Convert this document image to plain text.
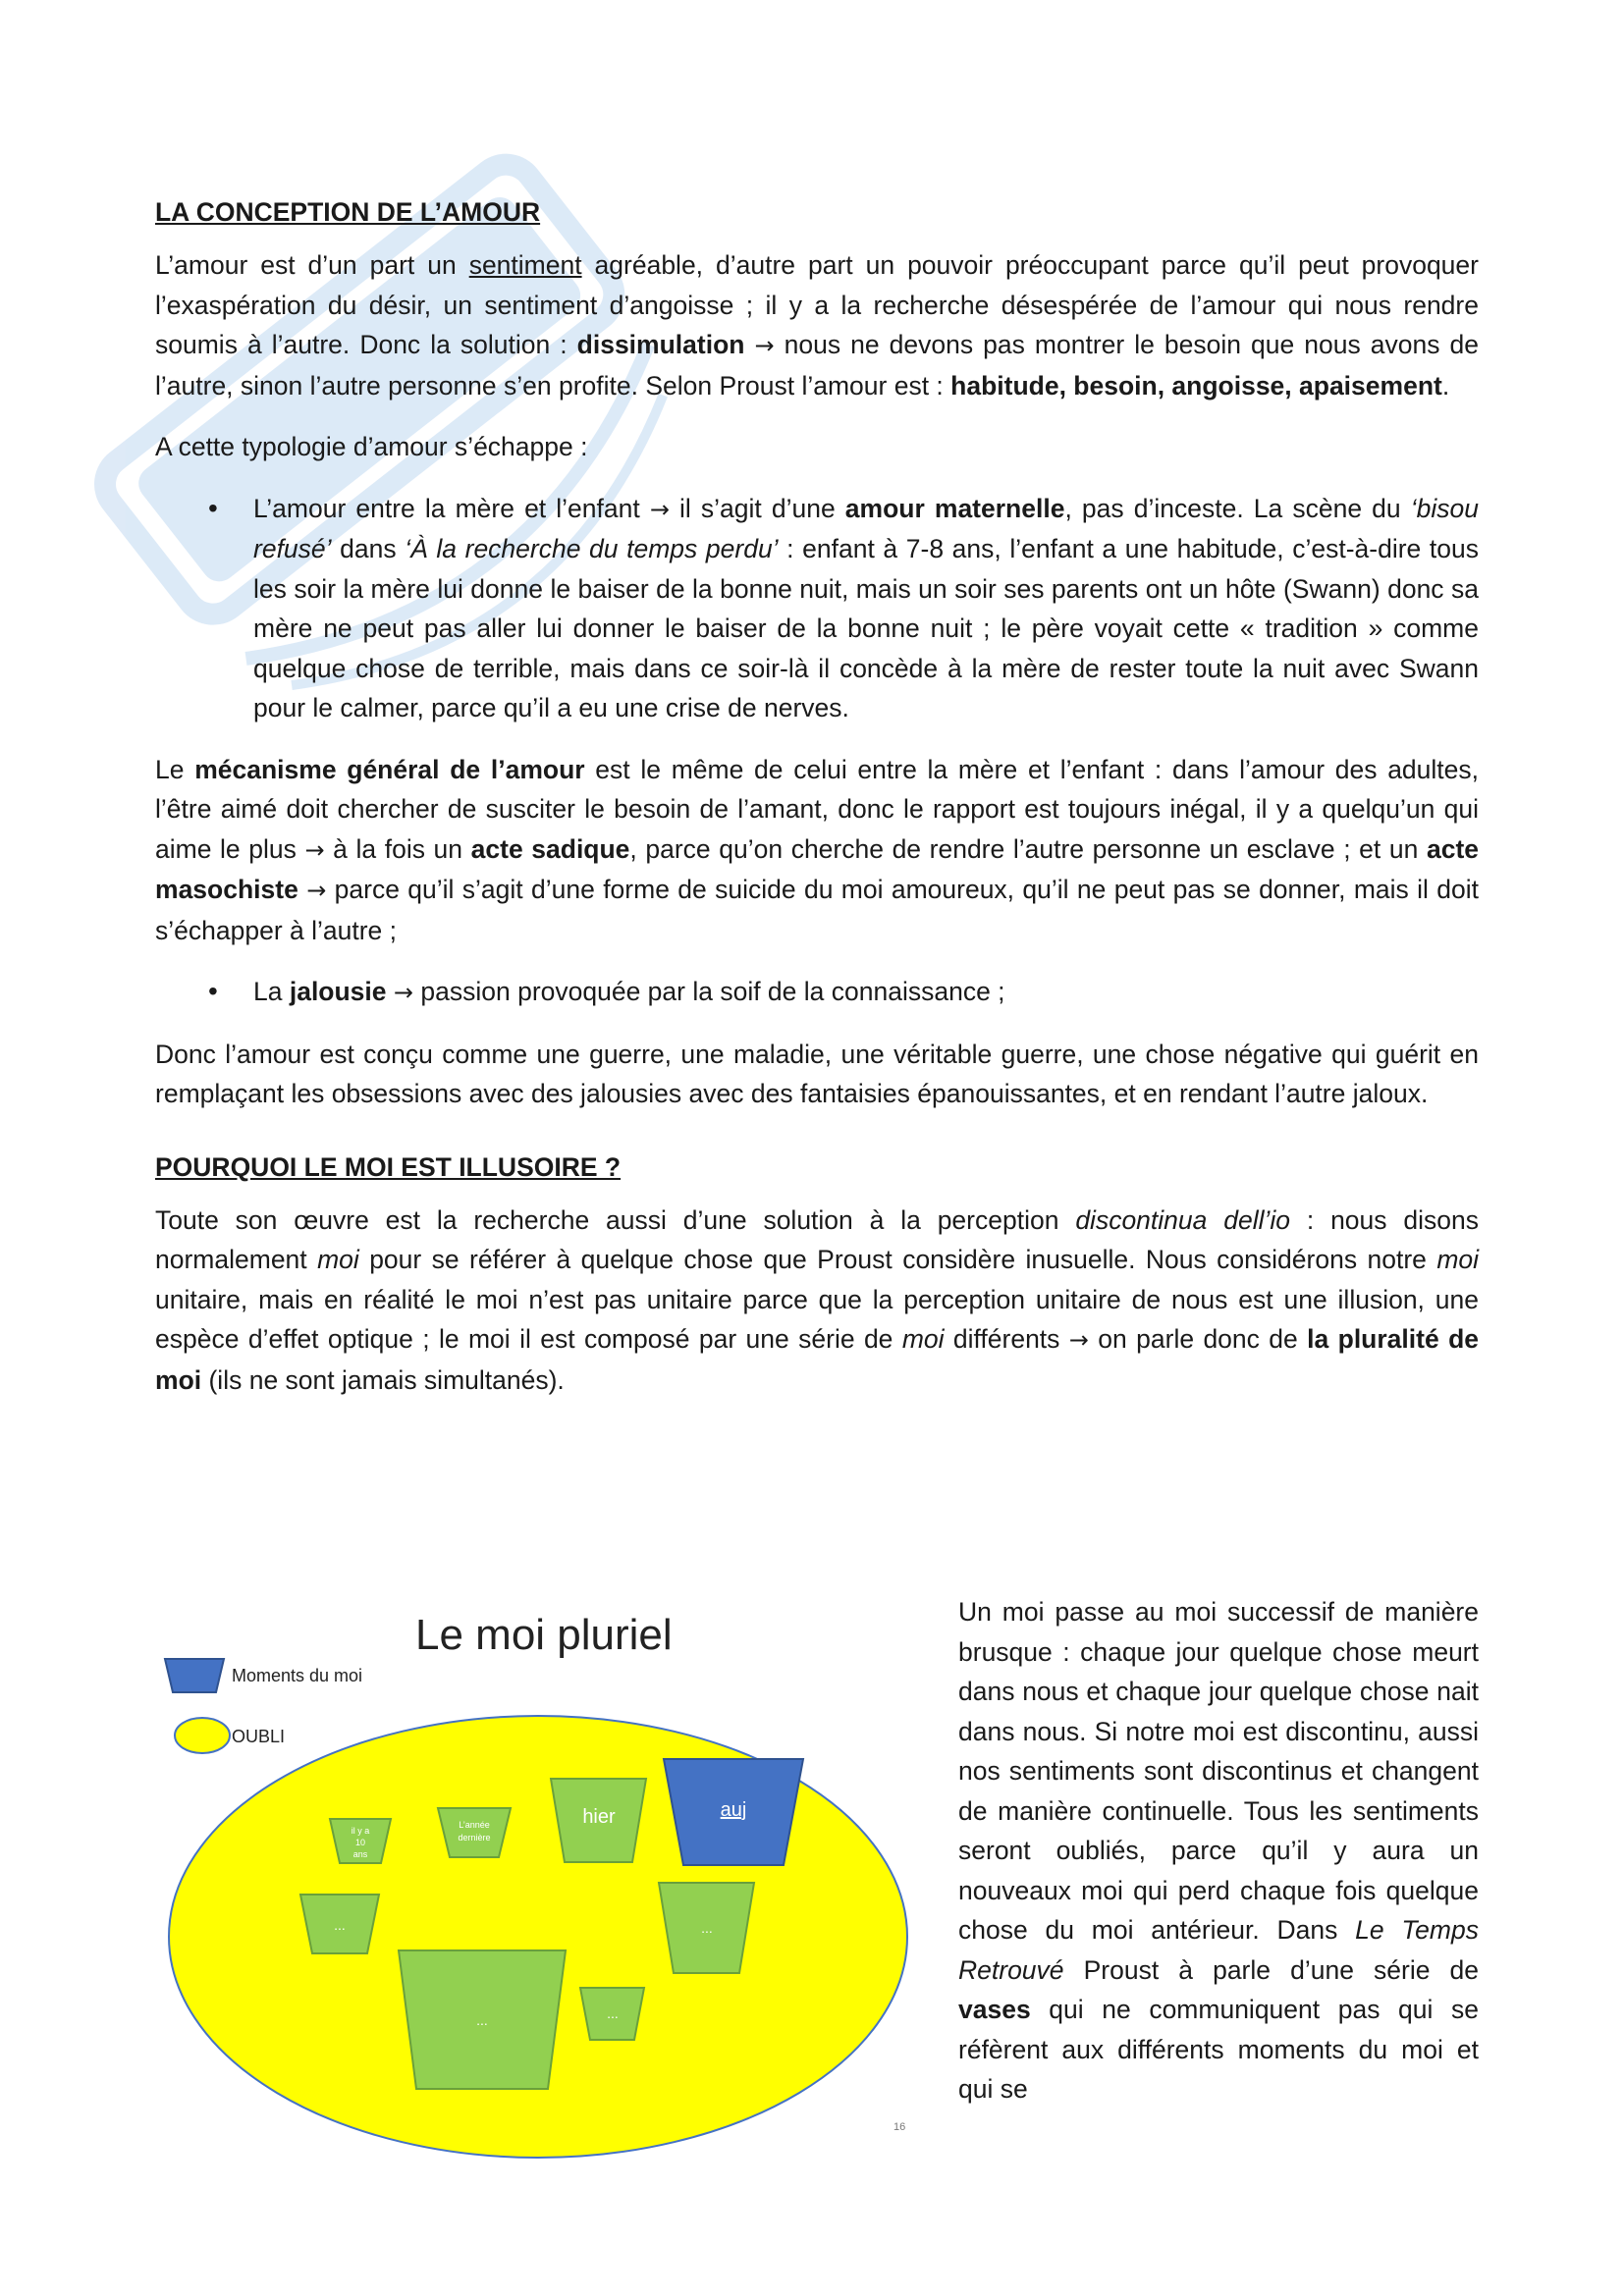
LA CONCEPTION DE L’AMOUR

L’amour est d’un part un sentiment agréable, d’autre part un pouvoir préoccupant parce qu’il peut provoquer l’exaspération du désir, un sentiment d’angoisse ; il y a la recherche désespérée de l’amour qui nous rendre soumis à l’autre. Donc la solution : dissimulation → nous ne devons pas montrer le besoin que nous avons de l’autre, sinon l’autre personne s’en profite. Selon Proust l’amour est : habitude, besoin, angoisse, apaisement.

A cette typologie d’amour s’échappe :

• L’amour entre la mère et l’enfant → il s’agit d’une amour maternelle, pas d’inceste. La scène du ‘bisou refusé’ dans ‘À la recherche du temps perdu’ : enfant à 7-8 ans, l’enfant a une habitude, c’est-à-dire tous les soir la mère lui donne le baiser de la bonne nuit, mais un soir ses parents ont un hôte (Swann) donc sa mère ne peut pas aller lui donner le baiser de la bonne nuit ; le père voyait cette « tradition » comme quelque chose de terrible, mais dans ce soir-là il concède à la mère de rester toute la nuit avec Swann pour le calmer, parce qu’il a eu une crise de nerves.

Le mécanisme général de l’amour est le même de celui entre la mère et l’enfant : dans l’amour des adultes, l’être aimé doit chercher de susciter le besoin de l’amant, donc le rapport est toujours inégal, il y a quelqu’un qui aime le plus → à la fois un acte sadique, parce qu’on cherche de rendre l’autre personne un esclave ; et un acte masochiste → parce qu’il s’agit d’une forme de suicide du moi amoureux, qu’il ne peut pas se donner, mais il doit s’échapper à l’autre ;

• La jalousie → passion provoquée par la soif de la connaissance ;

Donc l’amour est conçu comme une guerre, une maladie, une véritable guerre, une chose négative qui guérit en remplaçant les obsessions avec des jalousies avec des fantaisies épanouissantes, et en rendant l’autre jaloux.

POURQUOI LE MOI EST ILLUSOIRE ?

Toute son œuvre est la recherche aussi d’une solution à la perception discontinua dell’io : nous disons normalement moi pour se référer à quelque chose que Proust considère inusuelle. Nous considérons notre moi unitaire, mais en réalité le moi n’est pas unitaire parce que la perception unitaire de nous est une illusion, une espèce d’effet optique ; le moi il est composé par une série de moi différents → on parle donc de la pluralité de moi (ils ne sont jamais simultanés).

Le moi pluriel
Moments du moi
OUBLI
il y a
10
ans
L’année
dernière
hier	auj
...
...	...
...
16

Un moi passe au moi successif de manière brusque : chaque jour quelque chose meurt dans nous et chaque jour quelque chose nait dans nous. Si notre moi est discontinu, aussi nos sentiments sont discontinus et changent de manière continuelle. Tous les sentiments seront oubliés, parce qu’il y aura un nouveaux moi qui perd chaque fois quelque chose du moi antérieur. Dans Le Temps Retrouvé Proust à parle d’une série de vases qui ne communiquent pas qui se réfèrent aux différents moments du moi et qui se
